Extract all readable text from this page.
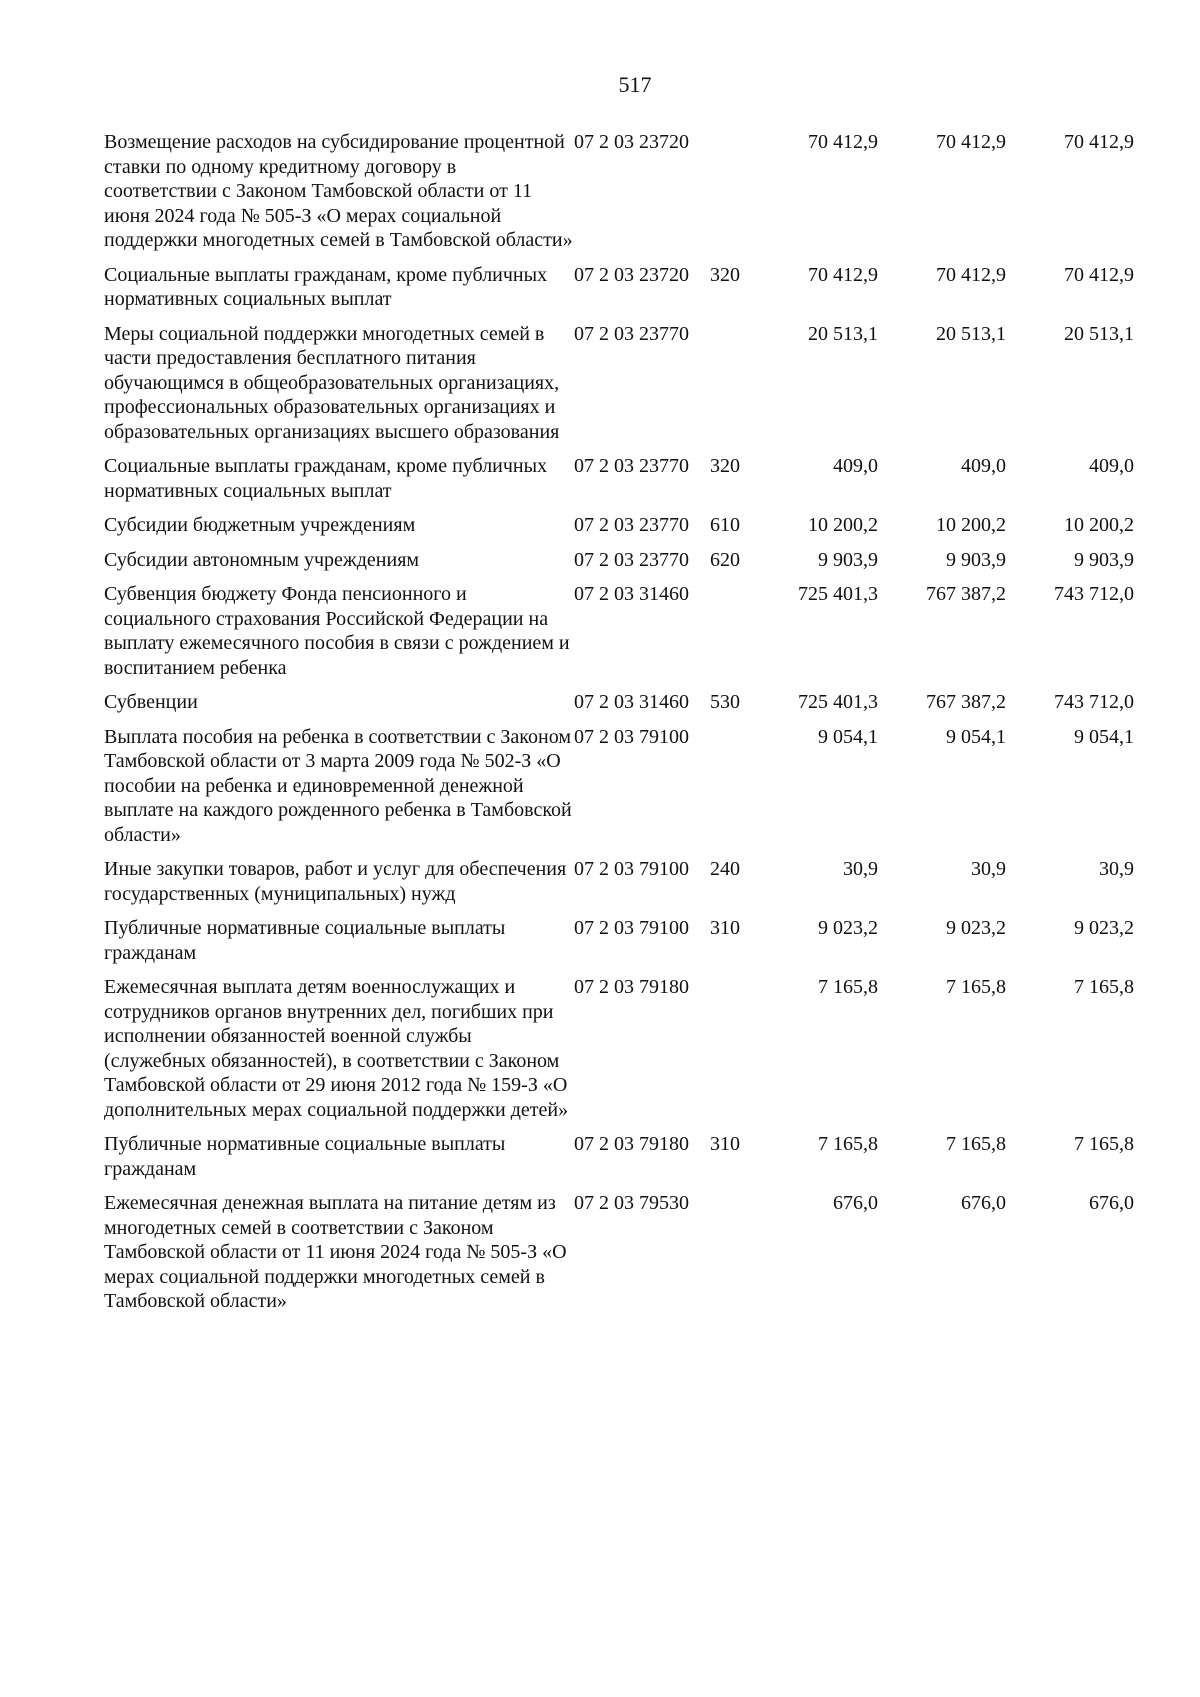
517
Возмещение расходов на субсидирование процентной ставки по одному кредитному договору в соответствии с Законом Тамбовской области от 11 июня 2024 года № 505-З «О мерах социальной поддержки многодетных семей в Тамбовской области»	07 2 03 23720		70 412,9	70 412,9	70 412,9
Социальные выплаты гражданам, кроме публичных нормативных социальных выплат	07 2 03 23720	320	70 412,9	70 412,9	70 412,9
Меры социальной поддержки многодетных семей в части предоставления бесплатного питания обучающимся в общеобразовательных организациях, профессиональных образовательных организациях и образовательных организациях высшего образования	07 2 03 23770		20 513,1	20 513,1	20 513,1
Социальные выплаты гражданам, кроме публичных нормативных социальных выплат	07 2 03 23770	320	409,0	409,0	409,0
Субсидии бюджетным учреждениям	07 2 03 23770	610	10 200,2	10 200,2	10 200,2
Субсидии автономным учреждениям	07 2 03 23770	620	9 903,9	9 903,9	9 903,9
Субвенция бюджету Фонда пенсионного и социального страхования Российской Федерации на выплату ежемесячного пособия в связи с рождением и воспитанием ребенка	07 2 03 31460		725 401,3	767 387,2	743 712,0
Субвенции	07 2 03 31460	530	725 401,3	767 387,2	743 712,0
Выплата пособия на ребенка в соответствии с Законом Тамбовской области от 3 марта 2009 года № 502-З «О пособии на ребенка и единовременной денежной выплате на каждого рожденного ребенка в Тамбовской области»	07 2 03 79100		9 054,1	9 054,1	9 054,1
Иные закупки товаров, работ и услуг для обеспечения государственных (муниципальных) нужд	07 2 03 79100	240	30,9	30,9	30,9
Публичные нормативные социальные выплаты гражданам	07 2 03 79100	310	9 023,2	9 023,2	9 023,2
Ежемесячная выплата детям военнослужащих и сотрудников органов внутренних дел, погибших при исполнении обязанностей военной службы (служебных обязанностей), в соответствии с Законом Тамбовской области от 29 июня 2012 года № 159-З «О дополнительных мерах социальной поддержки детей»	07 2 03 79180		7 165,8	7 165,8	7 165,8
Публичные нормативные социальные выплаты гражданам	07 2 03 79180	310	7 165,8	7 165,8	7 165,8
Ежемесячная денежная выплата на питание детям из многодетных семей в соответствии с Законом Тамбовской области от 11 июня 2024 года № 505-З «О мерах социальной поддержки многодетных семей в Тамбовской области»	07 2 03 79530		676,0	676,0	676,0
